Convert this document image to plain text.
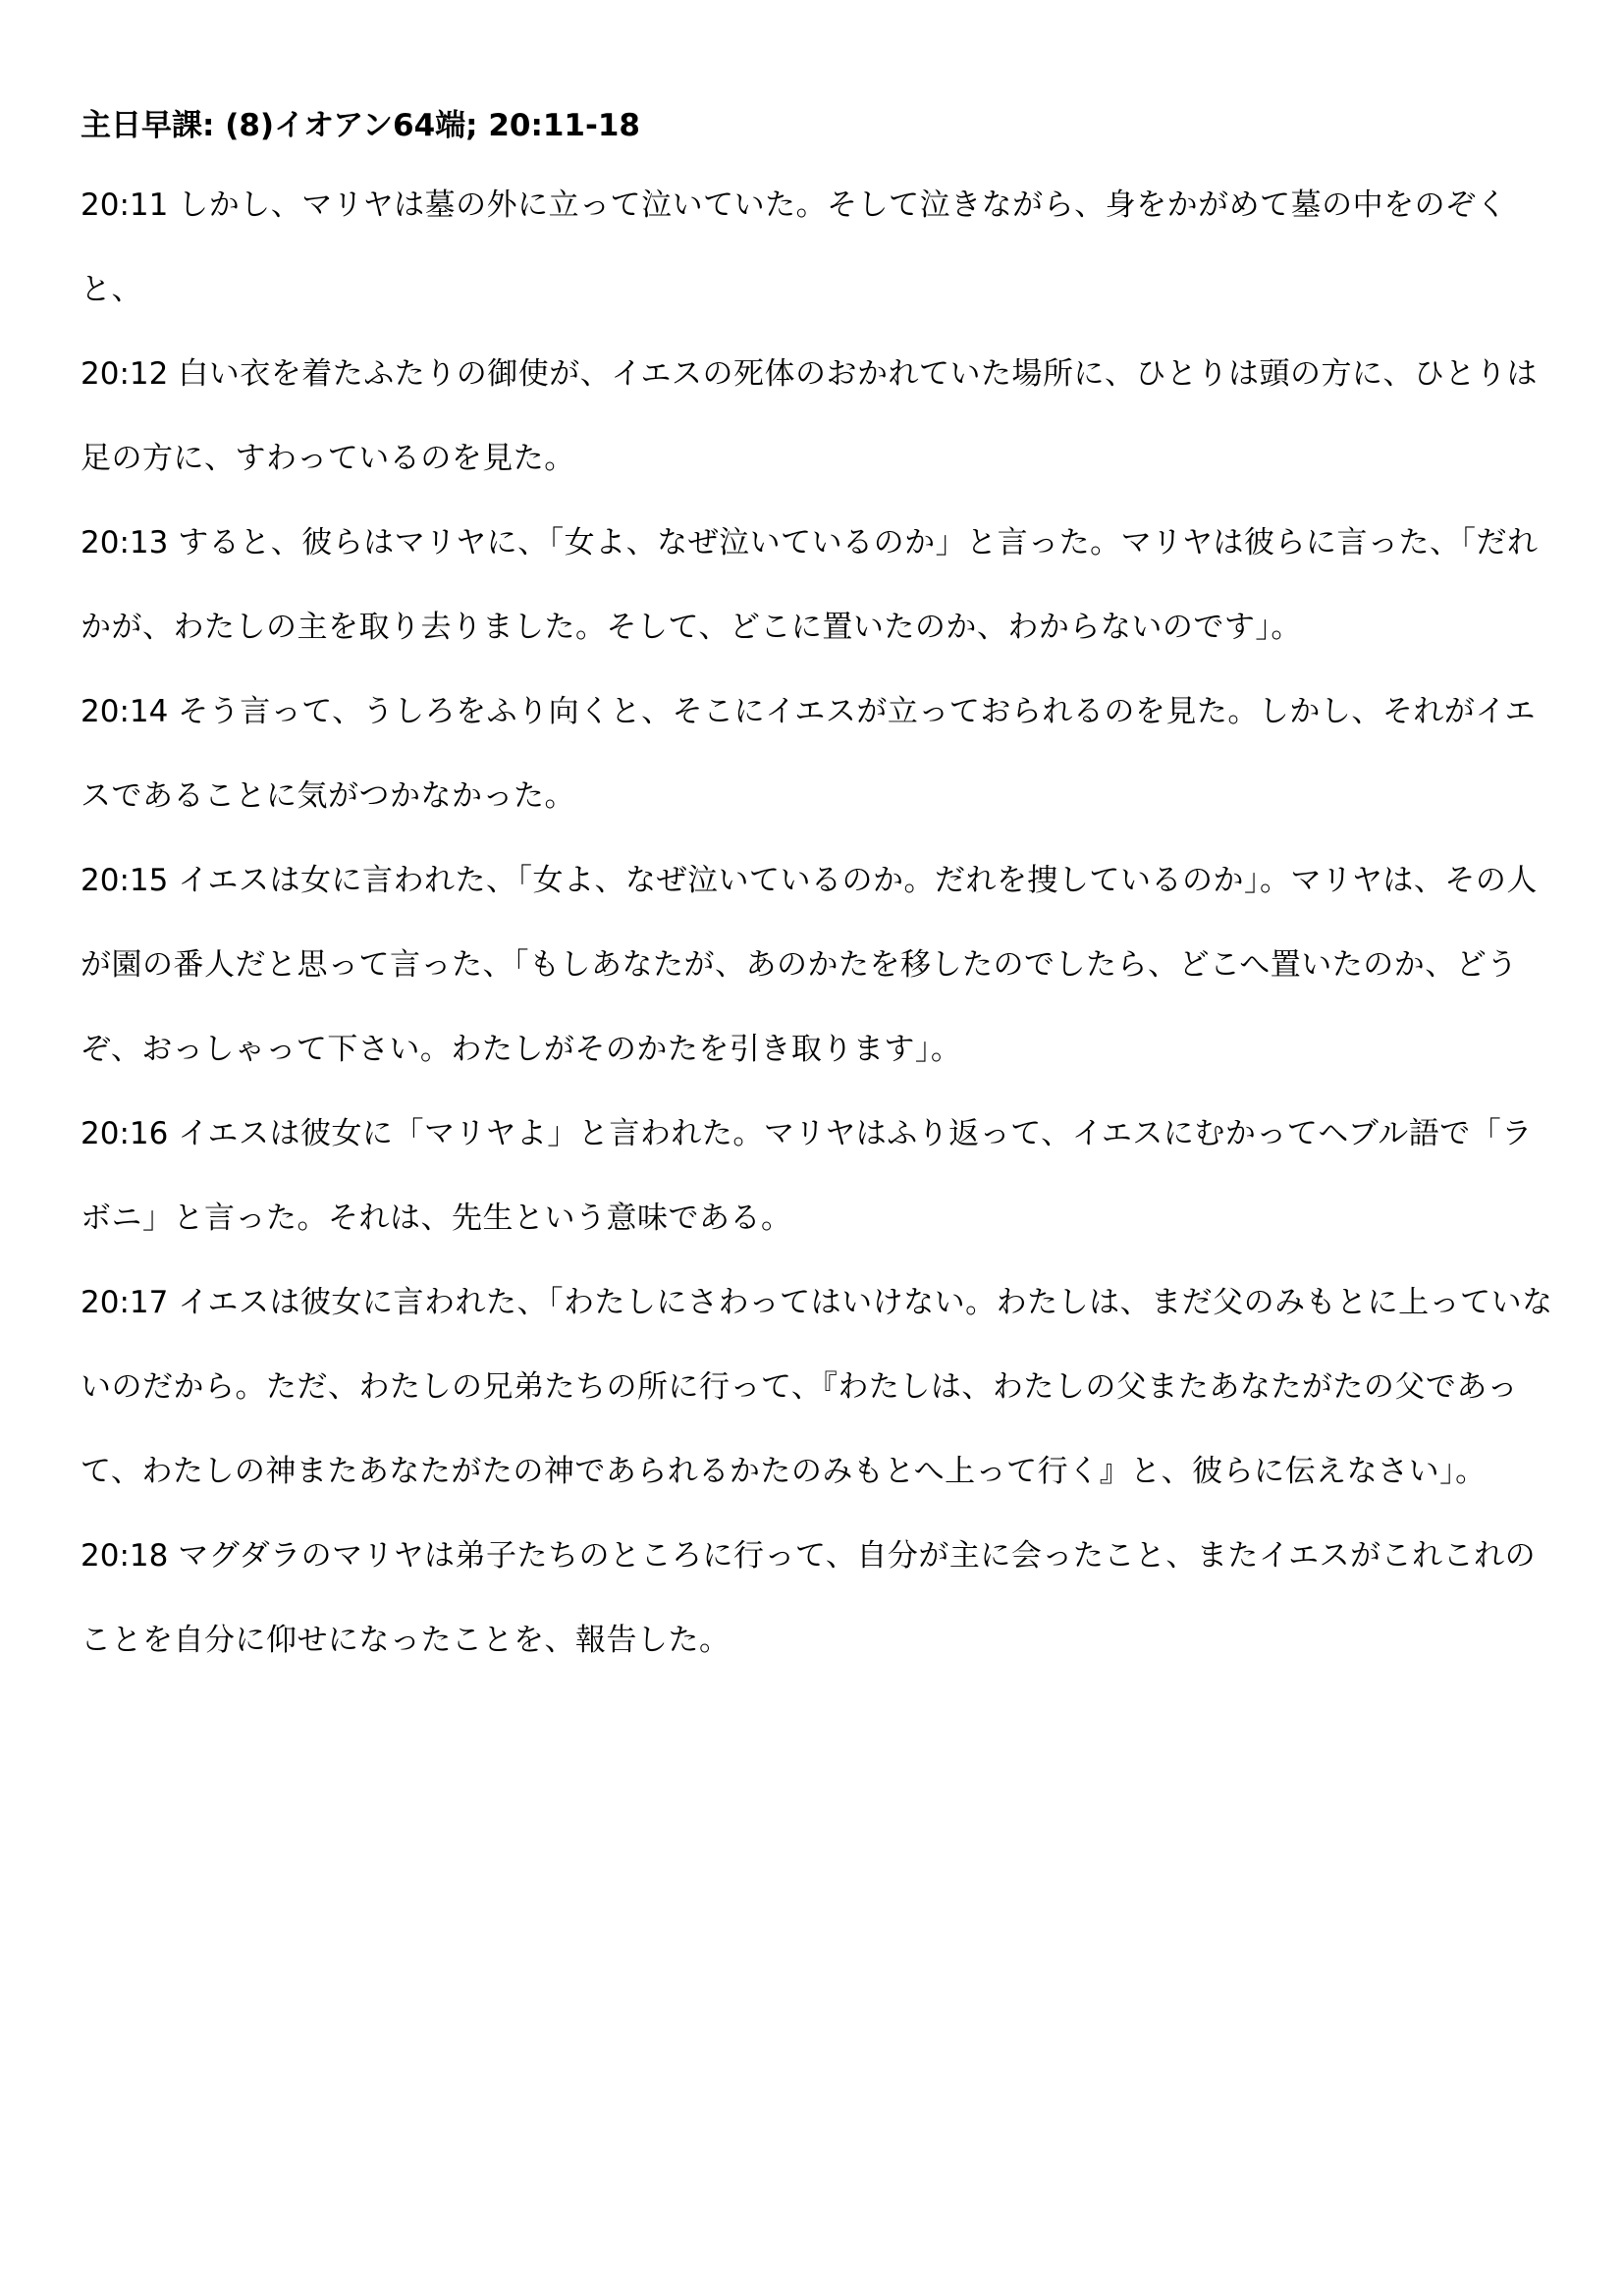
主日早課: (8)イオアン64端; 20:11-18

20:11 しかし、マリヤは墓の外に立って泣いていた。そして泣きながら、身をかがめて墓の中をのぞくと、

20:12 白い衣を着たふたりの御使が、イエスの死体のおかれていた場所に、ひとりは頭の方に、ひとりは足の方に、すわっているのを見た。

20:13 すると、彼らはマリヤに、「女よ、なぜ泣いているのか」と言った。マリヤは彼らに言った、「だれかが、わたしの主を取り去りました。そして、どこに置いたのか、わからないのです」。

20:14 そう言って、うしろをふり向くと、そこにイエスが立っておられるのを見た。しかし、それがイエスであることに気がつかなかった。

20:15 イエスは女に言われた、「女よ、なぜ泣いているのか。だれを捜しているのか」。マリヤは、その人が園の番人だと思って言った、「もしあなたが、あのかたを移したのでしたら、どこへ置いたのか、どうぞ、おっしゃって下さい。わたしがそのかたを引き取ります」。

20:16 イエスは彼女に「マリヤよ」と言われた。マリヤはふり返って、イエスにむかってヘブル語で「ラボニ」と言った。それは、先生という意味である。

20:17 イエスは彼女に言われた、「わたしにさわってはいけない。わたしは、まだ父のみもとに上っていないのだから。ただ、わたしの兄弟たちの所に行って、『わたしは、わたしの父またあなたがたの父であって、わたしの神またあなたがたの神であられるかたのみもとへ上って行く』と、彼らに伝えなさい」。

20:18 マグダラのマリヤは弟子たちのところに行って、自分が主に会ったこと、またイエスがこれこれのことを自分に仰せになったことを、報告した。
